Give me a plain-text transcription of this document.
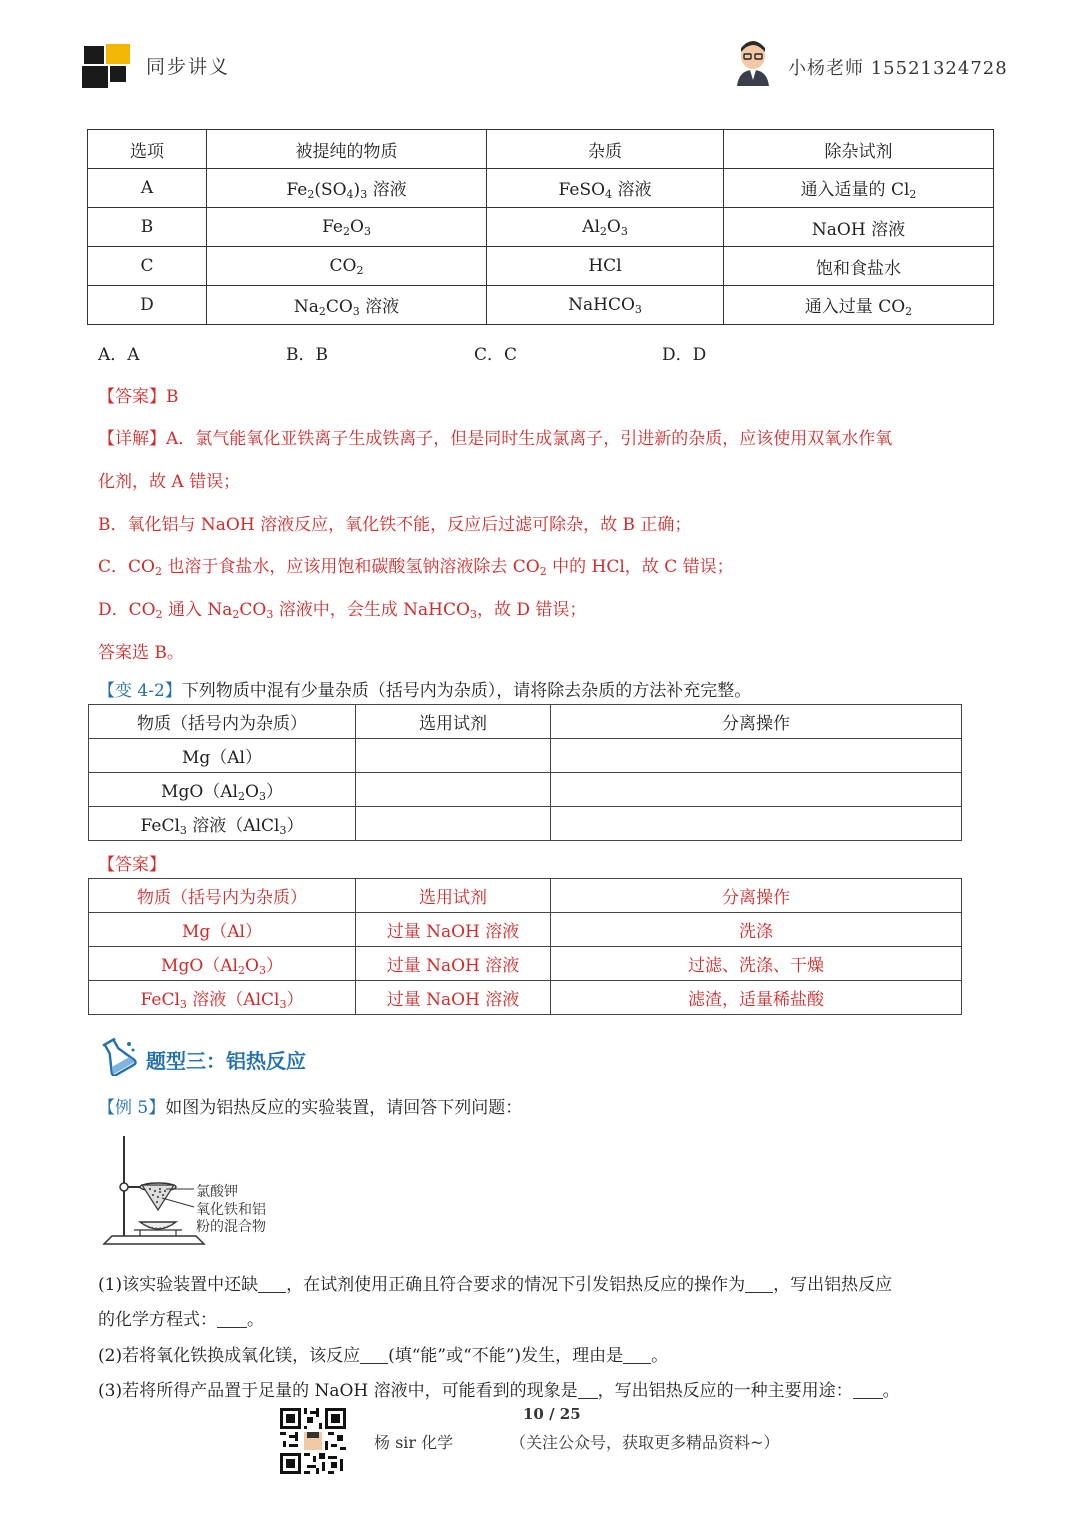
同步讲义	小杨老师 15521324728
选项	被提纯的物质	杂质	除杂试剂
A	$Fe_2(SO_4)_3$ 溶液	FeSO$_4$ 溶液	通入适量的 $Cl_2$
B	$Fe_2O_3$	$Al_2O_3$	NaOH 溶液
C	$CO_2$	HCl	饱和食盐水
D	$Na_2CO_3$ 溶液	NaHCO$_3$	通入过量 $CO_2$
A．A	B．B	C．C	D．D
【答案】B
【详解】A．氯气能氧化亚铁离子生成铁离子，但是同时生成氯离子，引进新的杂质，应该使用双氧水作氧
化剂，故 A 错误；
B．氧化铝与 NaOH 溶液反应，氧化铁不能，反应后过滤可除杂，故 B 正确；
C．$CO_2$ 也溶于食盐水，应该用饱和碳酸氢钠溶液除去 $CO_2$ 中的 HCl，故 C 错误；
D．$CO_2$ 通入 $Na_2CO_3$ 溶液中，会生成 NaHCO$_3$，故 D 错误；
答案选 B。
【变 4-2】下列物质中混有少量杂质（括号内为杂质），请将除去杂质的方法补充完整。
物质（括号内为杂质）	选用试剂	分离操作
Mg（Al）		
$MgO(Al_2O_3)$		
FeCl$_3$ 溶液（AlCl$_3$）		
【答案】
物质（括号内为杂质）	选用试剂	分离操作
Mg（Al）	过量 NaOH 溶液	洗涤
$MgO(Al_2O_3)$	过量 NaOH 溶液	过滤、洗涤、干燥
FeCl$_3$ 溶液（AlCl$_3$）	过量 NaOH 溶液	滤渣，适量稀盐酸
题型三：铝热反应
【例 5】如图为铝热反应的实验装置，请回答下列问题：
氯酸钾
氧化铁和铝
粉的混合物
(1)该实验装置中还缺 ，在试剂使用正确且符合要求的情况下引发铝热反应的操作为 ，写出铝热反应
的化学方程式： 。
(2)若将氧化铁换成氧化镁，该反应 (填“能”或“不能”)发生，理由是 。
(3)若将所得产品置于足量的 NaOH 溶液中，可能看到的现象是 ，写出铝热反应的一种主要用途： 。
10 / 25
杨 sir 化学	（关注公众号，获取更多精品资料~）
